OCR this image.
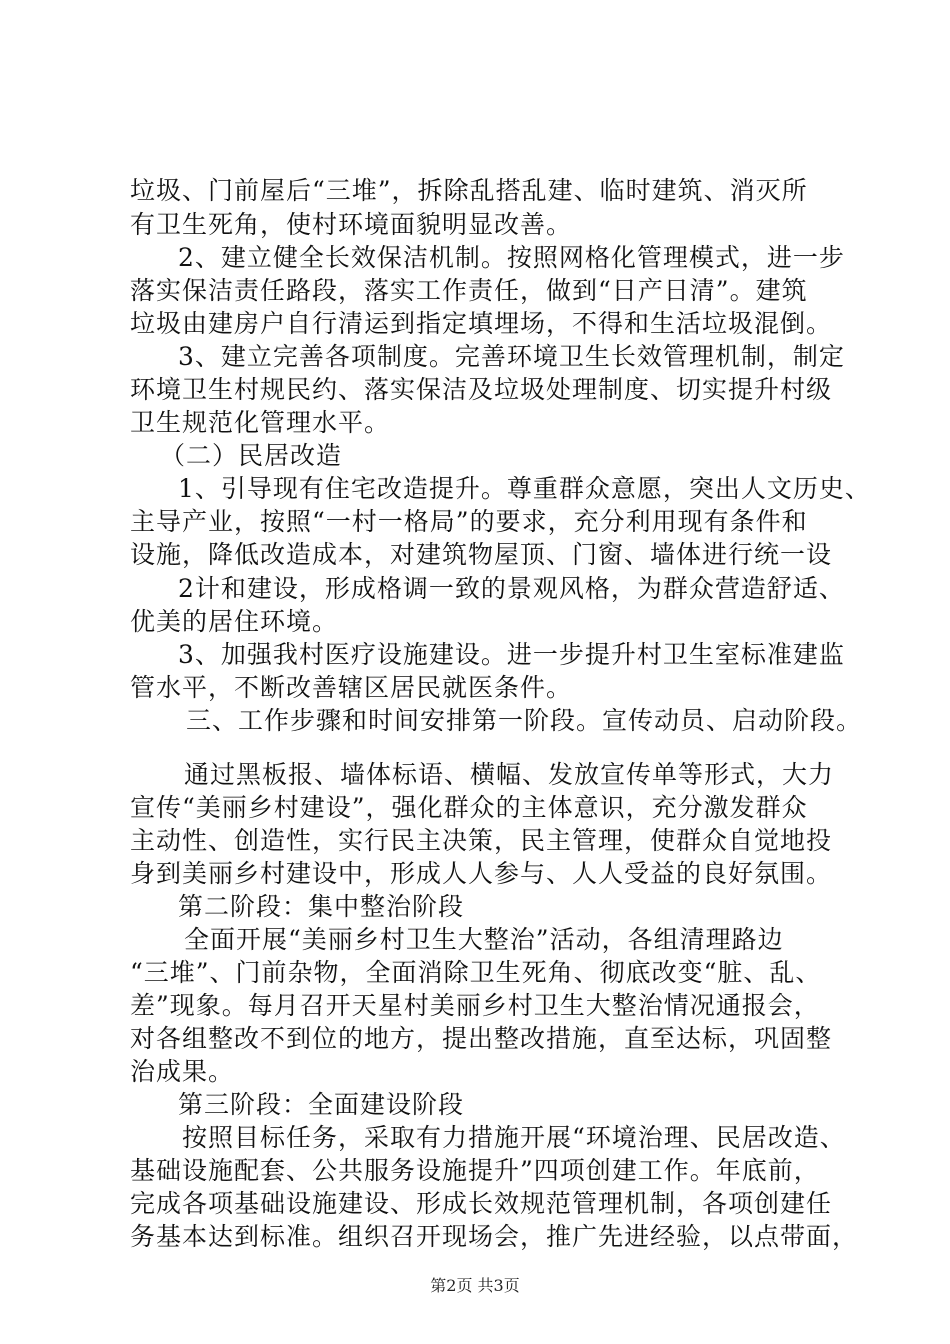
垃圾、门前屋后“三堆”，拆除乱搭乱建、临时建筑、消灭所
有卫生死角，使村环境面貌明显改善。
2、建立健全长效保洁机制。按照网格化管理模式，进一步
落实保洁责任路段，落实工作责任，做到“日产日清”。建筑
垃圾由建房户自行清运到指定填埋场，不得和生活垃圾混倒。
3、建立完善各项制度。完善环境卫生长效管理机制，制定
环境卫生村规民约、落实保洁及垃圾处理制度、切实提升村级
卫生规范化管理水平。
（二）民居改造
1、引导现有住宅改造提升。尊重群众意愿，突出人文历史、
主导产业，按照“一村一格局”的要求，充分利用现有条件和
设施，降低改造成本，对建筑物屋顶、门窗、墙体进行统一设
2计和建设，形成格调一致的景观风格，为群众营造舒适、
优美的居住环境。
3、加强我村医疗设施建设。进一步提升村卫生室标准建监
管水平，不断改善辖区居民就医条件。
三、工作步骤和时间安排第一阶段。宣传动员、启动阶段。
通过黑板报、墙体标语、横幅、发放宣传单等形式，大力
宣传“美丽乡村建设”，强化群众的主体意识，充分激发群众
主动性、创造性，实行民主决策，民主管理，使群众自觉地投
身到美丽乡村建设中，形成人人参与、人人受益的良好氛围。
第二阶段：集中整治阶段
全面开展“美丽乡村卫生大整治”活动，各组清理路边
“三堆”、门前杂物，全面消除卫生死角、彻底改变“脏、乱、
差”现象。每月召开天星村美丽乡村卫生大整治情况通报会，
对各组整改不到位的地方，提出整改措施，直至达标，巩固整
治成果。
第三阶段：全面建设阶段
按照目标任务，采取有力措施开展“环境治理、民居改造、
基础设施配套、公共服务设施提升”四项创建工作。年底前，
完成各项基础设施建设、形成长效规范管理机制，各项创建任
务基本达到标准。组织召开现场会，推广先进经验，以点带面，
第2页 共3页
